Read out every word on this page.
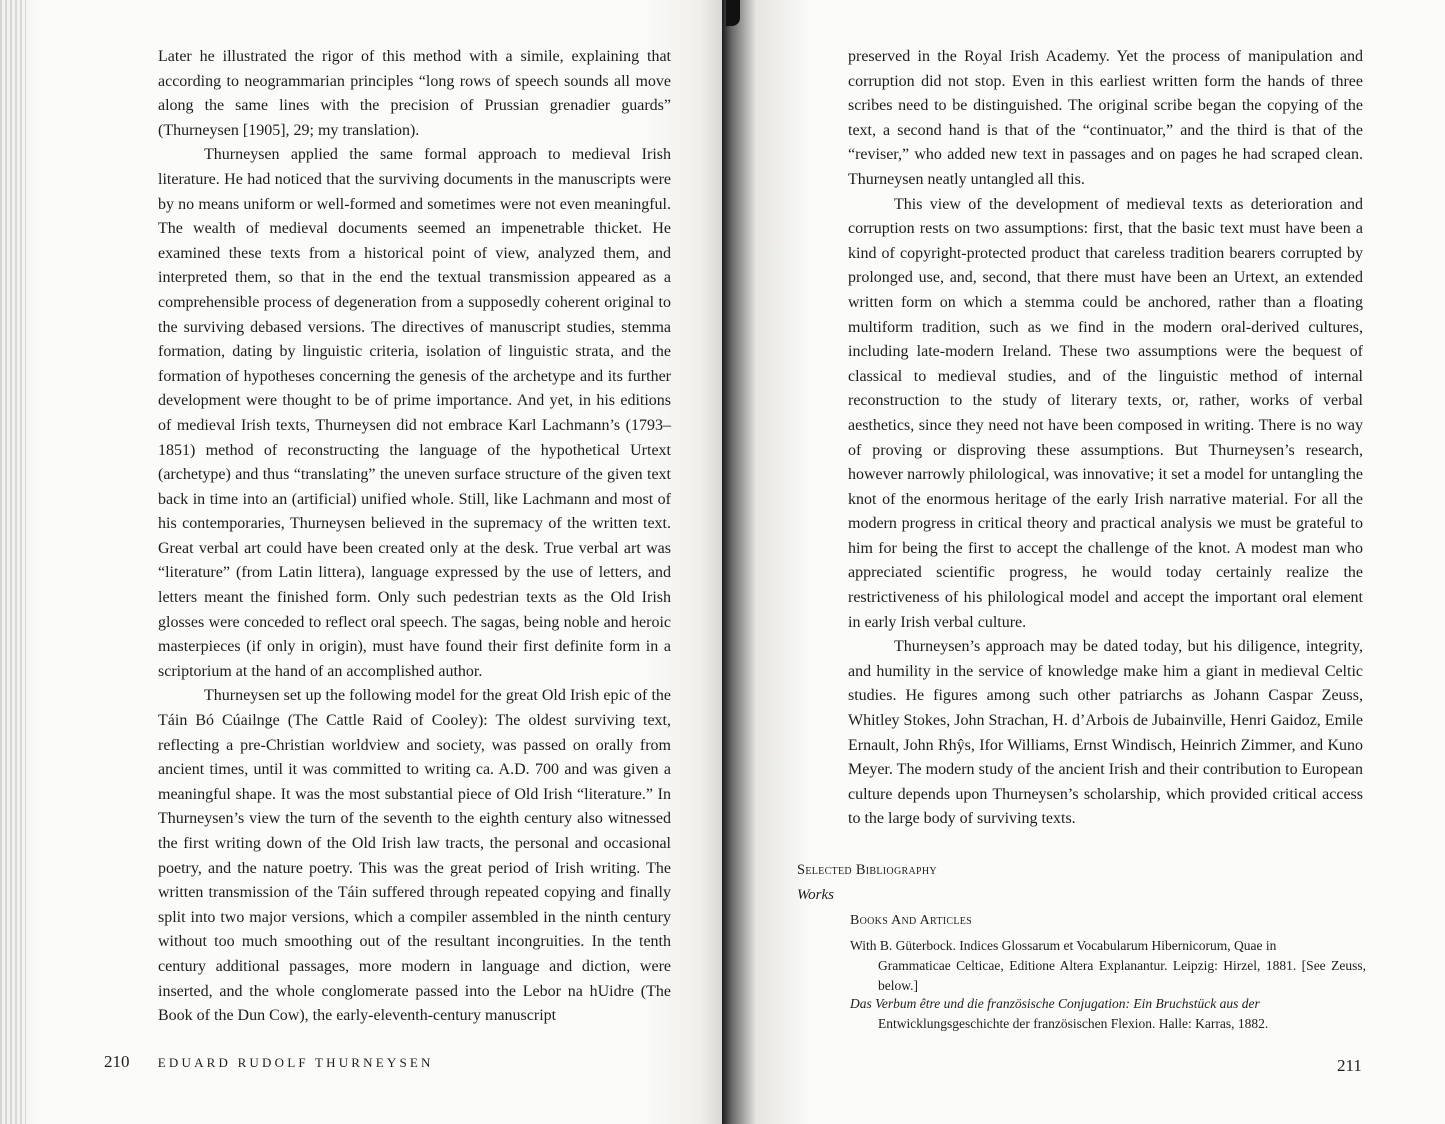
Later he illustrated the rigor of this method with a simile, explaining that according to neogrammarian principles “long rows of speech sounds all move along the same lines with the precision of Prussian grenadier guards” (Thurneysen [1905], 29; my translation).

Thurneysen applied the same formal approach to medieval Irish literature. He had noticed that the surviving documents in the manuscripts were by no means uniform or well-formed and sometimes were not even meaningful. The wealth of medieval documents seemed an impenetrable thicket. He examined these texts from a historical point of view, analyzed them, and interpreted them, so that in the end the textual transmission appeared as a comprehensible process of degeneration from a supposedly coherent original to the surviving debased versions. The directives of manuscript studies, stemma formation, dating by linguistic criteria, isolation of linguistic strata, and the formation of hypotheses concerning the genesis of the archetype and its further development were thought to be of prime importance. And yet, in his editions of medieval Irish texts, Thurneysen did not embrace Karl Lachmann’s (1793–1851) method of reconstructing the language of the hypothetical Urtext (archetype) and thus “translating” the uneven surface structure of the given text back in time into an (artificial) unified whole. Still, like Lachmann and most of his contemporaries, Thurneysen believed in the supremacy of the written text. Great verbal art could have been created only at the desk. True verbal art was “literature” (from Latin littera), language expressed by the use of letters, and letters meant the finished form. Only such pedestrian texts as the Old Irish glosses were conceded to reflect oral speech. The sagas, being noble and heroic masterpieces (if only in origin), must have found their first definite form in a scriptorium at the hand of an accomplished author.

Thurneysen set up the following model for the great Old Irish epic of the Táin Bó Cúailnge (The Cattle Raid of Cooley): The oldest surviving text, reflecting a pre-Christian worldview and society, was passed on orally from ancient times, until it was committed to writing ca. A.D. 700 and was given a meaningful shape. It was the most substantial piece of Old Irish “literature.” In Thurneysen’s view the turn of the seventh to the eighth century also witnessed the first writing down of the Old Irish law tracts, the personal and occasional poetry, and the nature poetry. This was the great period of Irish writing. The written transmission of the Táin suffered through repeated copying and finally split into two major versions, which a compiler assembled in the ninth century without too much smoothing out of the resultant incongruities. In the tenth century additional passages, more modern in language and diction, were inserted, and the whole conglomerate passed into the Lebor na hUidre (The Book of the Dun Cow), the early-eleventh-century manuscript

210 EDUARD RUDOLF THURNEYSEN

preserved in the Royal Irish Academy. Yet the process of manipulation and corruption did not stop. Even in this earliest written form the hands of three scribes need to be distinguished. The original scribe began the copying of the text, a second hand is that of the “continuator,” and the third is that of the “reviser,” who added new text in passages and on pages he had scraped clean. Thurneysen neatly untangled all this.

This view of the development of medieval texts as deterioration and corruption rests on two assumptions: first, that the basic text must have been a kind of copyright-protected product that careless tradition bearers corrupted by prolonged use, and, second, that there must have been an Urtext, an extended written form on which a stemma could be anchored, rather than a floating multiform tradition, such as we find in the modern oral-derived cultures, including late-modern Ireland. These two assumptions were the bequest of classical to medieval studies, and of the linguistic method of internal reconstruction to the study of literary texts, or, rather, works of verbal aesthetics, since they need not have been composed in writing. There is no way of proving or disproving these assumptions. But Thurneysen’s research, however narrowly philological, was innovative; it set a model for untangling the knot of the enormous heritage of the early Irish narrative material. For all the modern progress in critical theory and practical analysis we must be grateful to him for being the first to accept the challenge of the knot. A modest man who appreciated scientific progress, he would today certainly realize the restrictiveness of his philological model and accept the important oral element in early Irish verbal culture.

Thurneysen’s approach may be dated today, but his diligence, integrity, and humility in the service of knowledge make him a giant in medieval Celtic studies. He figures among such other patriarchs as Johann Caspar Zeuss, Whitley Stokes, John Strachan, H. d’Arbois de Jubainville, Henri Gaidoz, Emile Ernault, John Rhŷs, Ifor Williams, Ernst Windisch, Heinrich Zimmer, and Kuno Meyer. The modern study of the ancient Irish and their contribution to European culture depends upon Thurneysen’s scholarship, which provided critical access to the large body of surviving texts.

Selected Bibliography
Works
Books And Articles
With B. Güterbock. Indices Glossarum et Vocabularum Hibernicorum, Quae in
Grammaticae Celticae, Editione Altera Explanantur. Leipzig: Hirzel, 1881. [See Zeuss, below.]
Das Verbum être und die französische Conjugation: Ein Bruchstück aus der
Entwicklungsgeschichte der französischen Flexion. Halle: Karras, 1882.
211
